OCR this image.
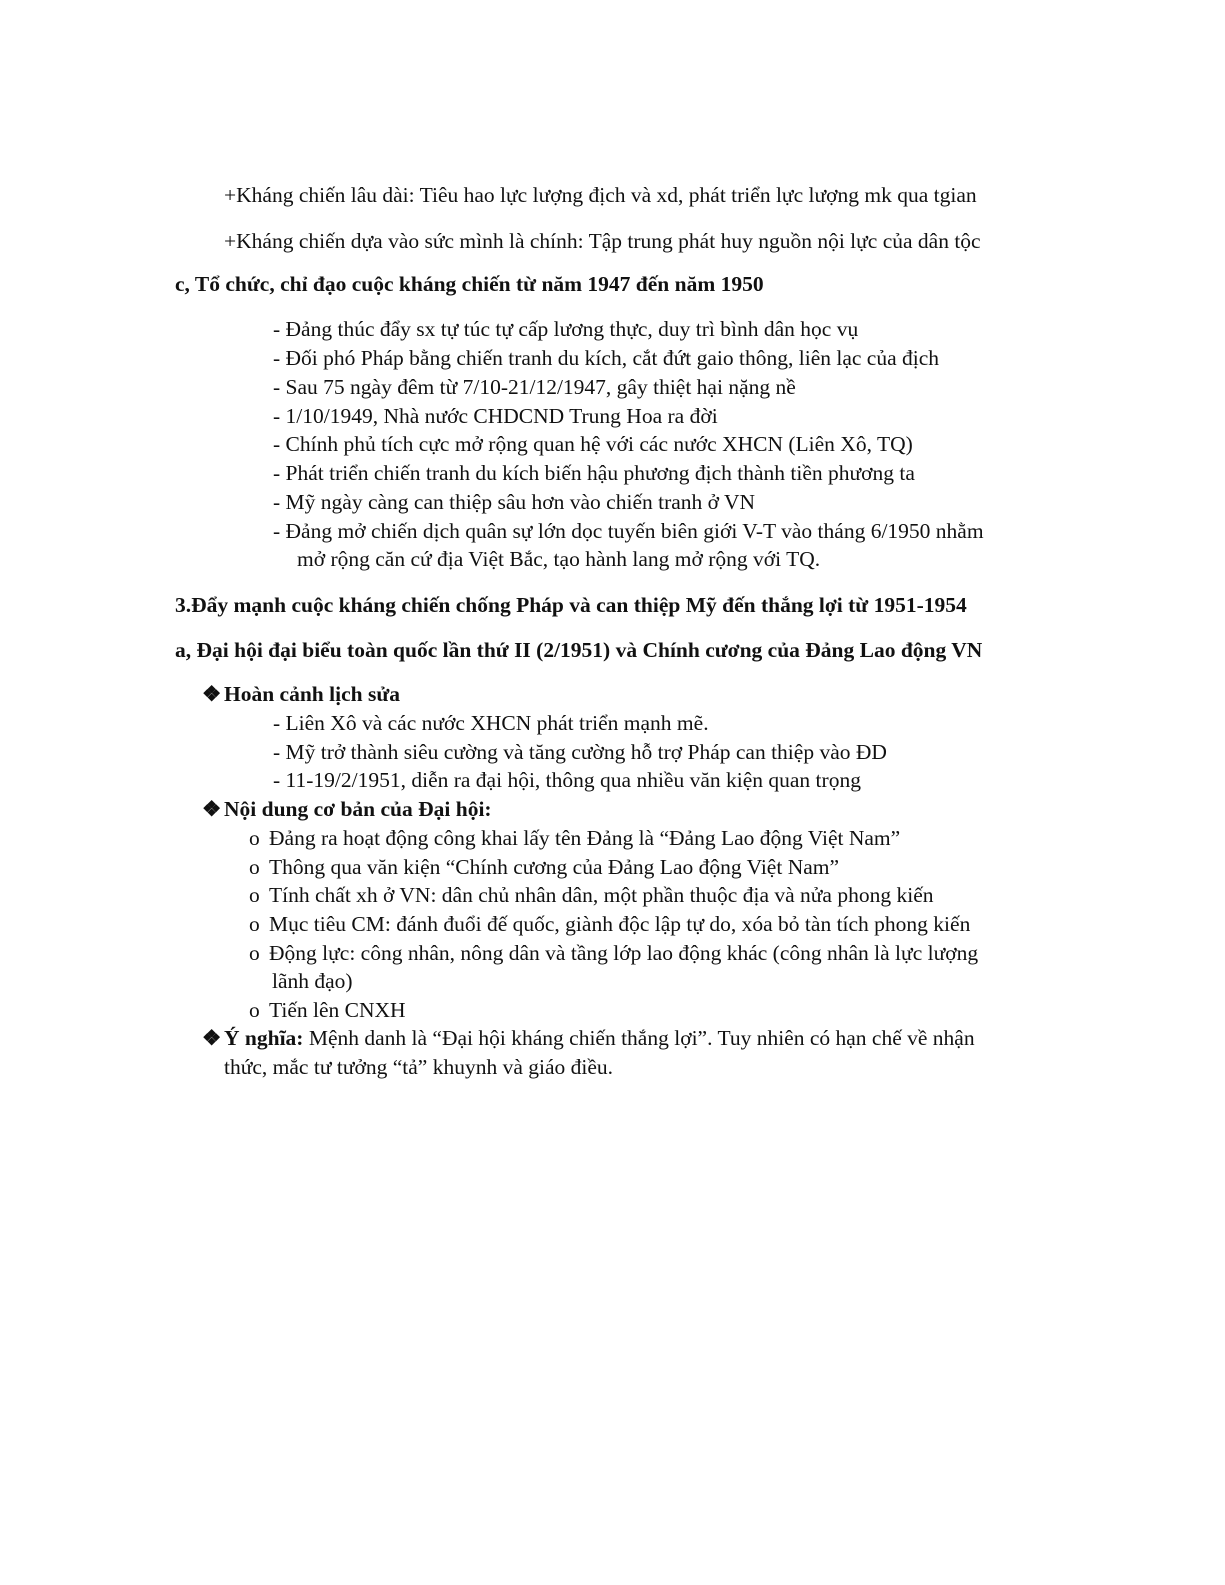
+Kháng chiến lâu dài: Tiêu hao lực lượng địch và xd, phát triển lực lượng mk qua tgian
+Kháng chiến dựa vào sức mình là chính: Tập trung phát huy nguồn nội lực của dân tộc
c, Tổ chức, chỉ đạo cuộc kháng chiến từ năm 1947 đến năm 1950
- Đảng thúc đẩy sx tự túc tự cấp lương thực, duy trì bình dân học vụ
- Đối phó Pháp bằng chiến tranh du kích, cắt đứt gaio thông, liên lạc của địch
- Sau 75 ngày đêm từ 7/10-21/12/1947, gây thiệt hại nặng nề
- 1/10/1949, Nhà nước CHDCND Trung Hoa ra đời
- Chính phủ tích cực mở rộng quan hệ với các nước XHCN (Liên Xô, TQ)
- Phát triển chiến tranh du kích biến hậu phương địch thành tiền phương ta
- Mỹ ngày càng can thiệp sâu hơn vào chiến tranh ở VN
- Đảng mở chiến dịch quân sự lớn dọc tuyến biên giới V-T vào tháng 6/1950 nhằm
mở rộng căn cứ địa Việt Bắc, tạo hành lang mở rộng với TQ.
3.Đẩy mạnh cuộc kháng chiến chống Pháp và can thiệp Mỹ đến thắng lợi từ 1951-1954
a, Đại hội đại biểu toàn quốc lần thứ II (2/1951) và Chính cương của Đảng Lao động VN
❖ Hoàn cảnh lịch sửa
- Liên Xô và các nước XHCN phát triển mạnh mẽ.
- Mỹ trở thành siêu cường và tăng cường hỗ trợ Pháp can thiệp vào ĐD
- 11-19/2/1951, diễn ra đại hội, thông qua nhiều văn kiện quan trọng
❖ Nội dung cơ bản của Đại hội:
o Đảng ra hoạt động công khai lấy tên Đảng là “Đảng Lao động Việt Nam”
o Thông qua văn kiện “Chính cương của Đảng Lao động Việt Nam”
o Tính chất xh ở VN: dân chủ nhân dân, một phần thuộc địa và nửa phong kiến
o Mục tiêu CM: đánh đuổi đế quốc, giành độc lập tự do, xóa bỏ tàn tích phong kiến
o Động lực: công nhân, nông dân và tầng lớp lao động khác (công nhân là lực lượng
lãnh đạo)
o Tiến lên CNXH
❖ Ý nghĩa: Mệnh danh là “Đại hội kháng chiến thắng lợi”. Tuy nhiên có hạn chế về nhận
thức, mắc tư tưởng “tả” khuynh và giáo điều.
